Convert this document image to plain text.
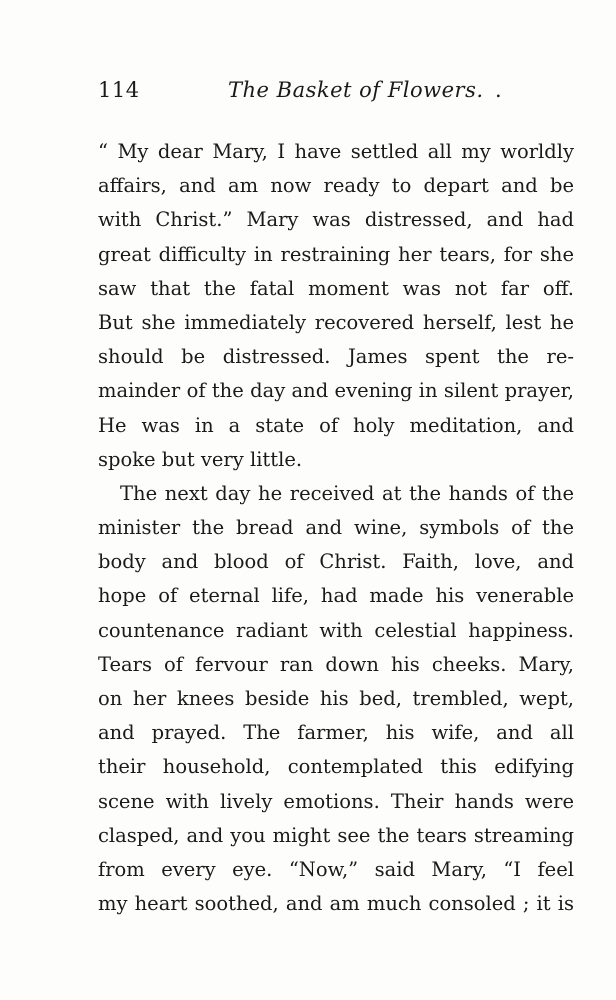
114	The Basket of Flowers. .
“ My dear Mary, I have settled all my worldly
affairs, and am now ready to depart and be
with Christ.” Mary was distressed, and had
great difficulty in restraining her tears, for she
saw that the fatal moment was not far off.
But she immediately recovered herself, lest he
should be distressed. James spent the re-
mainder of the day and evening in silent prayer,
He was in a state of holy meditation, and
spoke but very little.
The next day he received at the hands of the
minister the bread and wine, symbols of the
body and blood of Christ. Faith, love, and
hope of eternal life, had made his venerable
countenance radiant with celestial happiness.
Tears of fervour ran down his cheeks. Mary,
on her knees beside his bed, trembled, wept,
and prayed. The farmer, his wife, and all
their household, contemplated this edifying
scene with lively emotions. Their hands were
clasped, and you might see the tears streaming
from every eye. “Now,” said Mary, “I feel
my heart soothed, and am much consoled ; it is
